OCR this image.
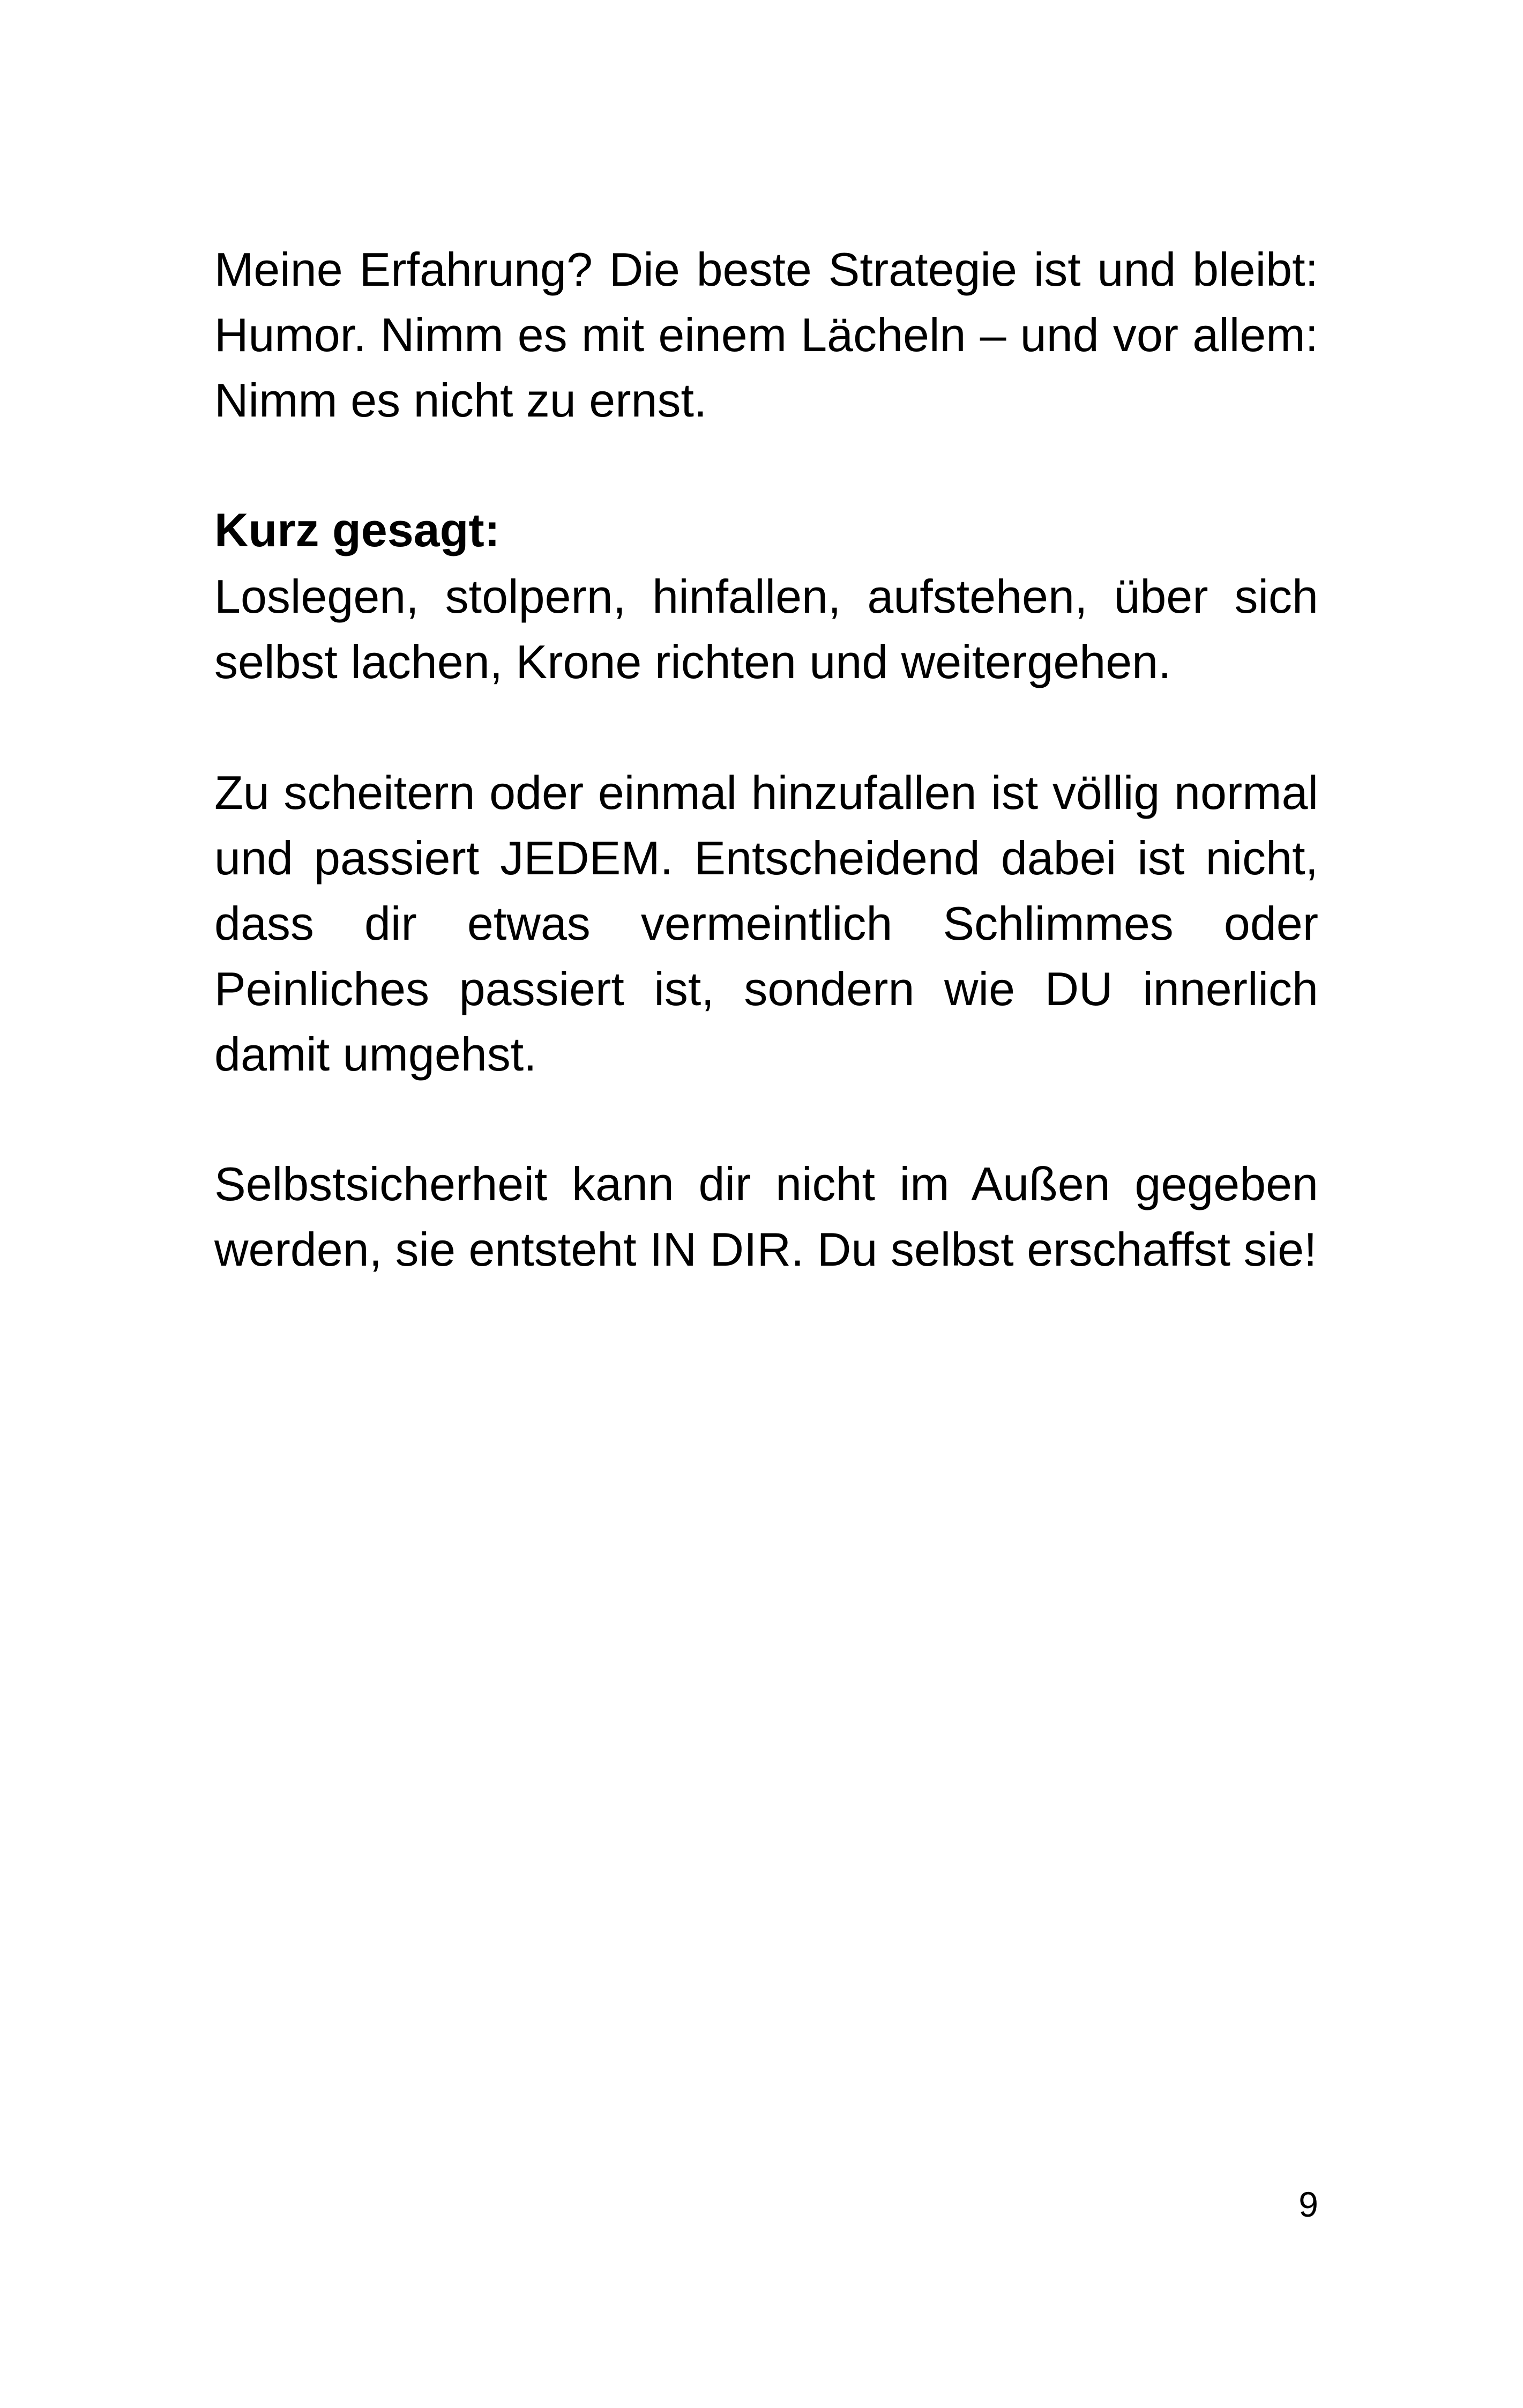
Meine Erfahrung? Die beste Strategie ist und bleibt: Humor. Nimm es mit einem Lächeln – und vor allem: Nimm es nicht zu ernst.

Kurz gesagt:

Loslegen, stolpern, hinfallen, aufstehen, über sich selbst lachen, Krone richten und weitergehen.

Zu scheitern oder einmal hinzufallen ist völlig normal und passiert JEDEM. Entscheidend dabei ist nicht, dass dir etwas vermeintlich Schlimmes oder Peinliches passiert ist, sondern wie DU innerlich damit umgehst.

Selbstsicherheit kann dir nicht im Außen gegeben werden, sie entsteht IN DIR. Du selbst erschaffst sie!

9
